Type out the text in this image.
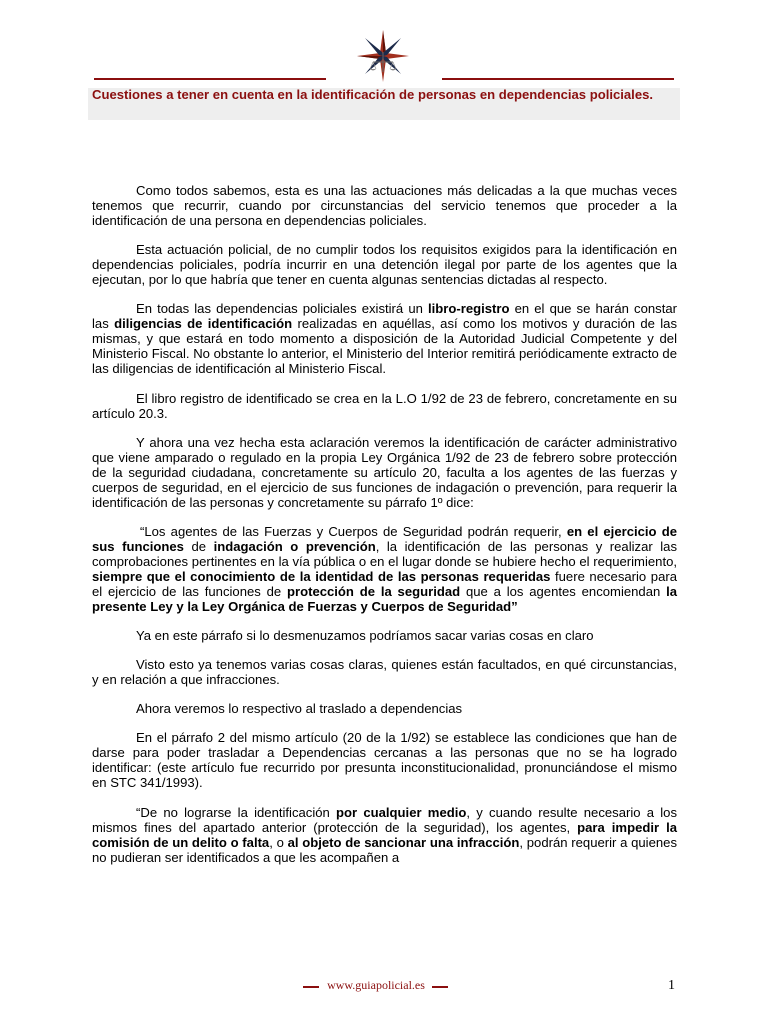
Cuestiones a tener en cuenta en la identificación de personas en dependencias policiales.

Como todos sabemos, esta es una las actuaciones más delicadas a la que muchas veces tenemos que recurrir, cuando por circunstancias del servicio tenemos que proceder a la identificación de una persona en dependencias policiales.

Esta actuación policial, de no cumplir todos los requisitos exigidos para la identificación en dependencias policiales, podría incurrir en una detención ilegal por parte de los agentes que la ejecutan, por lo que habría que tener en cuenta algunas sentencias dictadas al respecto.

En todas las dependencias policiales existirá un libro-registro en el que se harán constar las diligencias de identificación realizadas en aquéllas, así como los motivos y duración de las mismas, y que estará en todo momento a disposición de la Autoridad Judicial Competente y del Ministerio Fiscal. No obstante lo anterior, el Ministerio del Interior remitirá periódicamente extracto de las diligencias de identificación al Ministerio Fiscal.

El libro registro de identificado se crea en la L.O 1/92 de 23 de febrero, concretamente en su artículo 20.3.

Y ahora una vez hecha esta aclaración veremos la identificación de carácter administrativo que viene amparado o regulado en la propia Ley Orgánica 1/92 de 23 de febrero sobre protección de la seguridad ciudadana, concretamente su artículo 20, faculta a los agentes de las fuerzas y cuerpos de seguridad, en el ejercicio de sus funciones de indagación o prevención, para requerir la identificación de las personas y concretamente su párrafo 1º dice:

“Los agentes de las Fuerzas y Cuerpos de Seguridad podrán requerir, en el ejercicio de sus funciones de indagación o prevención, la identificación de las personas y realizar las comprobaciones pertinentes en la vía pública o en el lugar donde se hubiere hecho el requerimiento, siempre que el conocimiento de la identidad de las personas requeridas fuere necesario para el ejercicio de las funciones de protección de la seguridad que a los agentes encomiendan la presente Ley y la Ley Orgánica de Fuerzas y Cuerpos de Seguridad”

Ya en este párrafo si lo desmenuzamos podríamos sacar varias cosas en claro

Visto esto ya tenemos varias cosas claras, quienes están facultados, en qué circunstancias, y en relación a que infracciones.

Ahora veremos lo respectivo al traslado a dependencias

En el párrafo 2 del mismo artículo (20 de la 1/92) se establece las condiciones que han de darse para poder trasladar a Dependencias cercanas a las personas que no se ha logrado identificar: (este artículo fue recurrido por presunta inconstitucionalidad, pronunciándose el mismo en STC 341/1993).

“De no lograrse la identificación por cualquier medio, y cuando resulte necesario a los mismos fines del apartado anterior (protección de la seguridad), los agentes, para impedir la comisión de un delito o falta, o al objeto de sancionar una infracción, podrán requerir a quienes no pudieran ser identificados a que les acompañen a

www.guiapolicial.es	1
